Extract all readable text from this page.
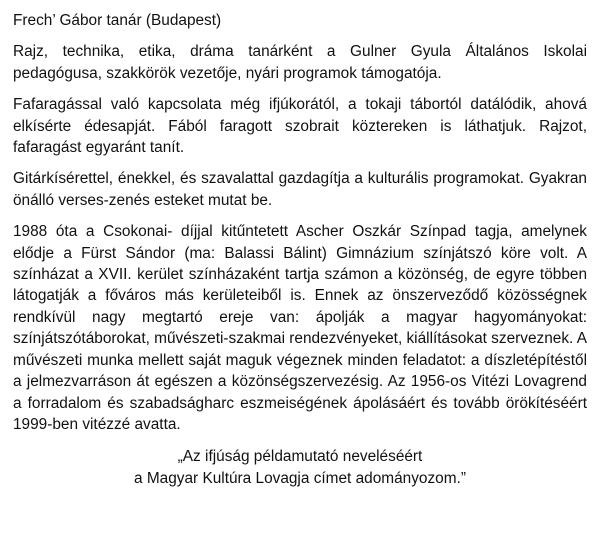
Frech’ Gábor tanár (Budapest)

Rajz, technika, etika, dráma tanárként a Gulner Gyula Általános Iskolai pedagógusa, szakkörök vezetője, nyári programok támogatója.

Fafaragással való kapcsolata még ifjúkorától, a tokaji tábortól datálódik, ahová elkísérte édesapját. Fából faragott szobrait köztereken is láthatjuk. Rajzot, fafaragást egyaránt tanít.

Gitárkísérettel, énekkel, és szavalattal gazdagítja a kulturális programokat. Gyakran önálló verses-zenés esteket mutat be.

1988 óta a Csokonai- díjjal kitűntetett Ascher Oszkár Színpad tagja, amelynek elődje a Fürst Sándor (ma: Balassi Bálint) Gimnázium színjátszó köre volt. A színházat a XVII. kerület színházaként tartja számon a közönség, de egyre többen látogatják a főváros más kerületeiből is. Ennek az önszerveződő közösségnek rendkívül nagy megtartó ereje van: ápolják a magyar hagyományokat: színjátszótáborokat, művészeti-szakmai rendezvényeket, kiállításokat szerveznek. A művészeti munka mellett saját maguk végeznek minden feladatot: a díszletépítéstől a jelmezvarráson át egészen a közönségszervezésig. Az 1956-os Vitézi Lovagrend a forradalom és szabadságharc eszmeiségének ápolásáért és tovább örökítéséért 1999-ben vitézzé avatta.

„Az ifjúság példamutató neveléséért
a Magyar Kultúra Lovagja címet adományozom.”
